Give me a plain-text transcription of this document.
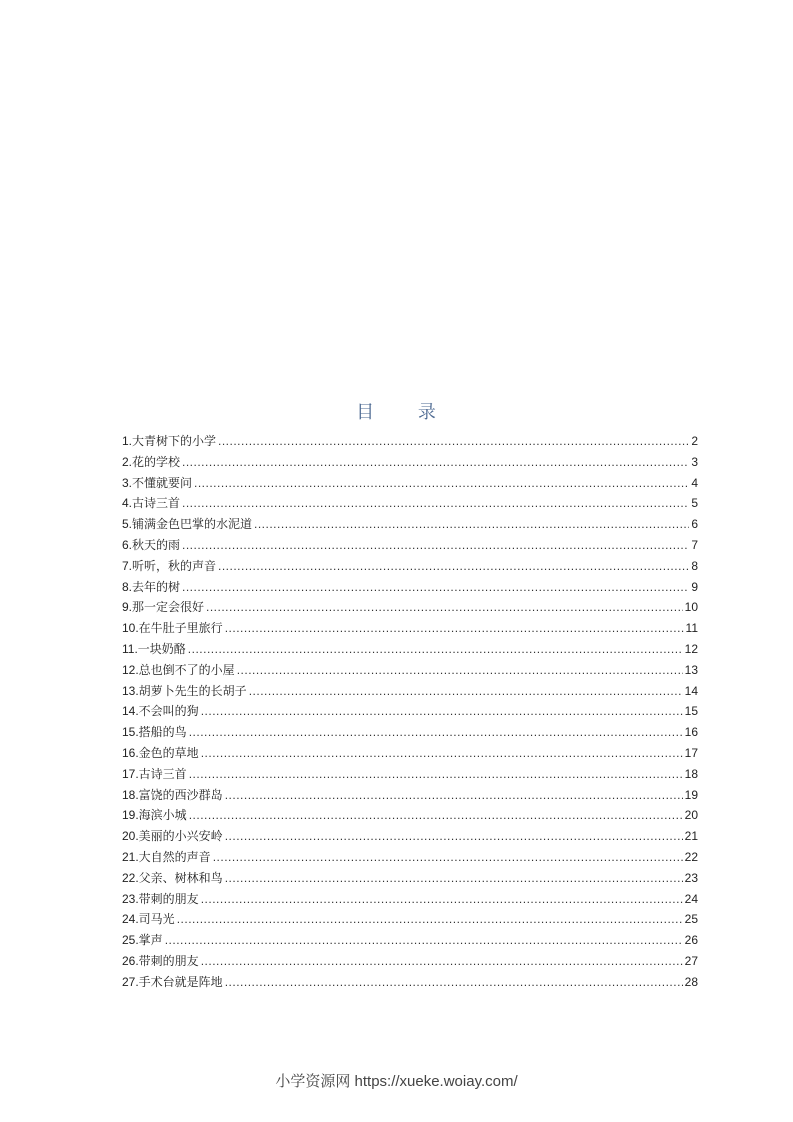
目 录
1.大青树下的小学 .....	2
2.花的学校 .....	3
3.不懂就要问 .....	4
4.古诗三首 .....	5
5.铺满金色巴掌的水泥道 .....	6
6.秋天的雨 .....	7
7.听听，秋的声音 .....	8
8.去年的树 .....	9
9.那一定会很好 .....	10
10.在牛肚子里旅行 .....	11
11.一块奶酪 .....	12
12.总也倒不了的小屋 .....	13
13.胡萝卜先生的长胡子 .....	14
14.不会叫的狗 .....	15
15.搭船的鸟 .....	16
16.金色的草地 .....	17
17.古诗三首 .....	18
18.富饶的西沙群岛 .....	19
19.海滨小城 .....	20
20.美丽的小兴安岭 .....	21
21.大自然的声音 .....	22
22.父亲、树林和鸟 .....	23
23.带刺的朋友 .....	24
24.司马光 .....	25
25.掌声 .....	26
26.带刺的朋友 .....	27
27.手术台就是阵地 .....	28
小学资源网 https://xueke.woiay.com/
